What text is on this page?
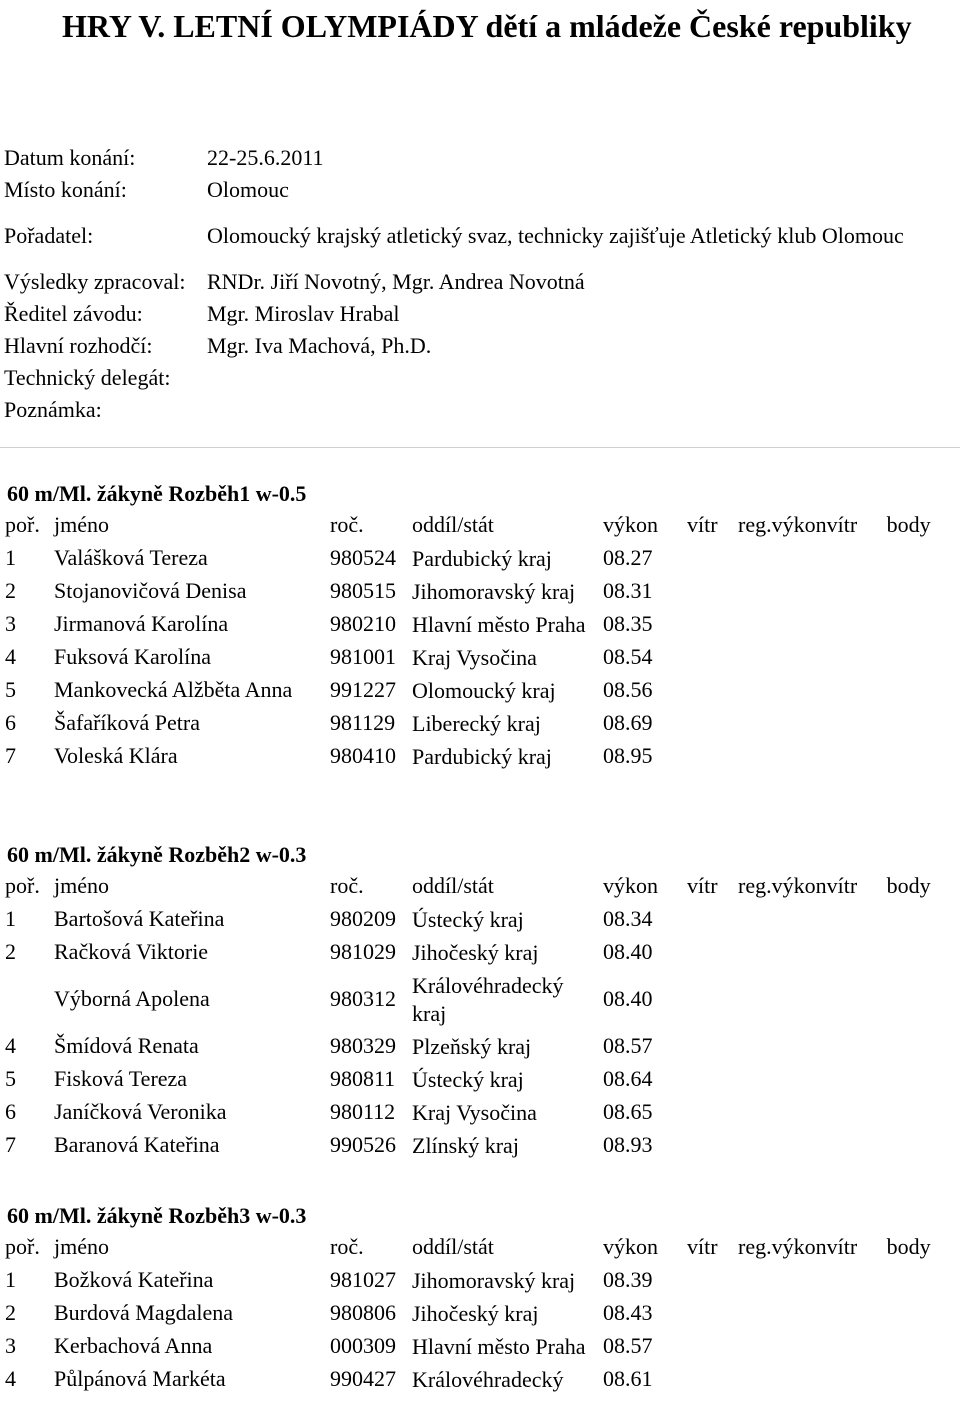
HRY V. LETNÍ OLYMPIÁDY dětí a mládeže České republiky
Datum konání:	22-25.6.2011
Místo konání:	Olomouc
Pořadatel:	Olomoucký krajský atletický svaz, technicky zajišťuje Atletický klub Olomouc
Výsledky zpracoval:	RNDr. Jiří Novotný, Mgr. Andrea Novotná
Ředitel závodu:	Mgr. Miroslav Hrabal
Hlavní rozhodčí:	Mgr. Iva Machová, Ph.D.
Technický delegát:	
Poznámka:	
60 m/Ml. žákyně Rozběh1 w-0.5
poř.	jméno	roč.	oddíl/stát	výkon	vítr	reg.výkon	vítr	body
1	Valášková Tereza	980524	Pardubický kraj	08.27				
2	Stojanovičová Denisa	980515	Jihomoravský kraj	08.31				
3	Jirmanová Karolína	980210	Hlavní město Praha	08.35				
4	Fuksová Karolína	981001	Kraj Vysočina	08.54				
5	Mankovecká Alžběta Anna	991227	Olomoucký kraj	08.56				
6	Šafaříková Petra	981129	Liberecký kraj	08.69				
7	Voleská Klára	980410	Pardubický kraj	08.95				
60 m/Ml. žákyně Rozběh2 w-0.3
poř.	jméno	roč.	oddíl/stát	výkon	vítr	reg.výkon	vítr	body
1	Bartošová Kateřina	980209	Ústecký kraj	08.34				
2	Račková Viktorie	981029	Jihočeský kraj	08.40				
	Výborná Apolena	980312	Královéhradecký kraj	08.40				
4	Šmídová Renata	980329	Plzeňský kraj	08.57				
5	Fisková Tereza	980811	Ústecký kraj	08.64				
6	Janíčková Veronika	980112	Kraj Vysočina	08.65				
7	Baranová Kateřina	990526	Zlínský kraj	08.93				
60 m/Ml. žákyně Rozběh3 w-0.3
poř.	jméno	roč.	oddíl/stát	výkon	vítr	reg.výkon	vítr	body
1	Božková Kateřina	981027	Jihomoravský kraj	08.39				
2	Burdová Magdalena	980806	Jihočeský kraj	08.43				
3	Kerbachová Anna	000309	Hlavní město Praha	08.57				
4	Půlpánová Markéta	990427	Královéhradecký	08.61				
